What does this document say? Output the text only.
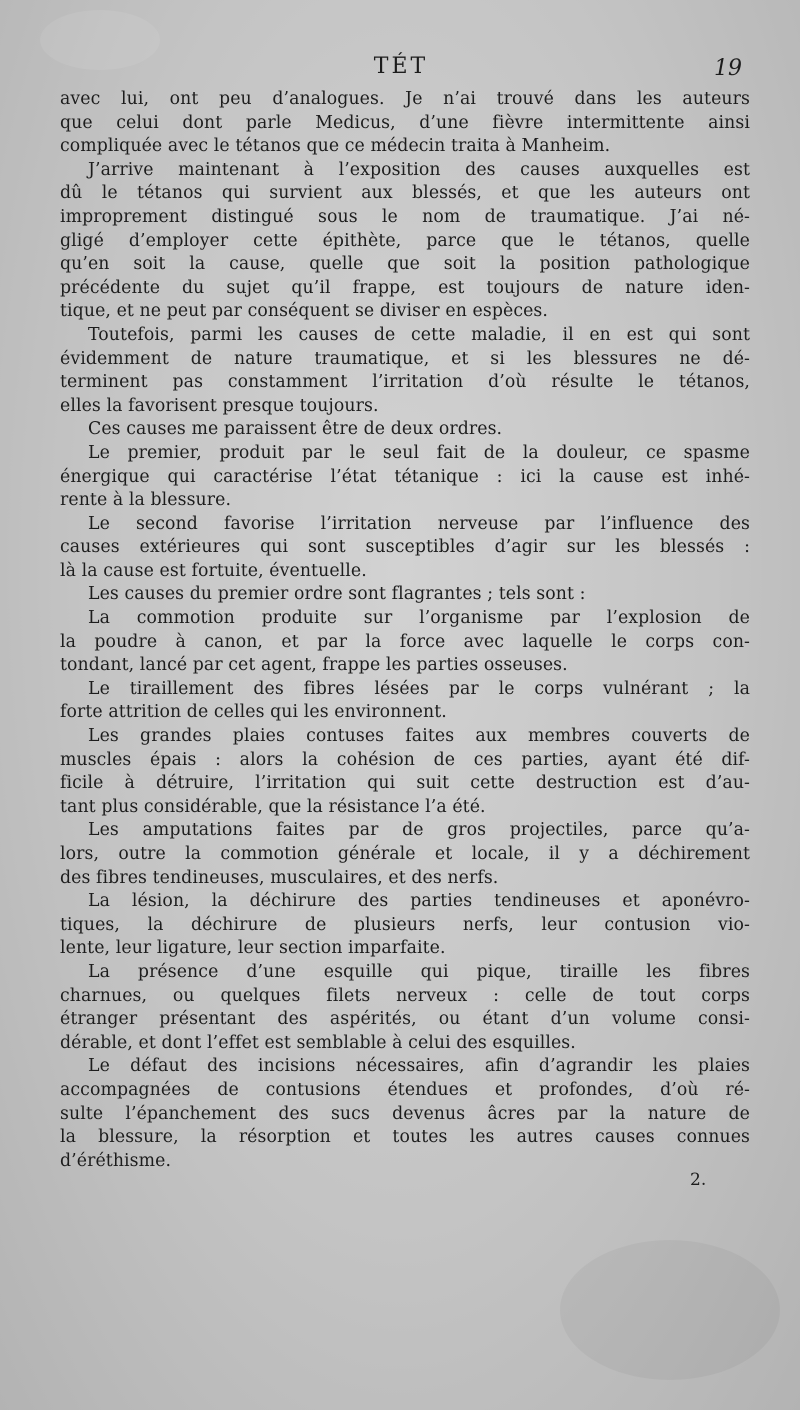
TÉT	19
avec lui, ont peu d’analogues. Je n’ai trouvé dans les auteurs
que celui dont parle Medicus, d’une fièvre intermittente ainsi
compliquée avec le tétanos que ce médecin traita à Manheim.
J’arrive maintenant à l’exposition des causes auxquelles est
dû le tétanos qui survient aux blessés, et que les auteurs ont
improprement distingué sous le nom de traumatique. J’ai né-
gligé d’employer cette épithète, parce que le tétanos, quelle
qu’en soit la cause, quelle que soit la position pathologique
précédente du sujet qu’il frappe, est toujours de nature iden-
tique, et ne peut par conséquent se diviser en espèces.
Toutefois, parmi les causes de cette maladie, il en est qui sont
évidemment de nature traumatique, et si les blessures ne dé-
terminent pas constamment l’irritation d’où résulte le tétanos,
elles la favorisent presque toujours.
Ces causes me paraissent être de deux ordres.
Le premier, produit par le seul fait de la douleur, ce spasme
énergique qui caractérise l’état tétanique : ici la cause est inhé-
rente à la blessure.
Le second favorise l’irritation nerveuse par l’influence des
causes extérieures qui sont susceptibles d’agir sur les blessés :
là la cause est fortuite, éventuelle.
Les causes du premier ordre sont flagrantes ; tels sont :
La commotion produite sur l’organisme par l’explosion de
la poudre à canon, et par la force avec laquelle le corps con-
tondant, lancé par cet agent, frappe les parties osseuses.
Le tiraillement des fibres lésées par le corps vulnérant ; la
forte attrition de celles qui les environnent.
Les grandes plaies contuses faites aux membres couverts de
muscles épais : alors la cohésion de ces parties, ayant été dif-
ficile à détruire, l’irritation qui suit cette destruction est d’au-
tant plus considérable, que la résistance l’a été.
Les amputations faites par de gros projectiles, parce qu’a-
lors, outre la commotion générale et locale, il y a déchirement
des fibres tendineuses, musculaires, et des nerfs.
La lésion, la déchirure des parties tendineuses et aponévro-
tiques, la déchirure de plusieurs nerfs, leur contusion vio-
lente, leur ligature, leur section imparfaite.
La présence d’une esquille qui pique, tiraille les fibres
charnues, ou quelques filets nerveux : celle de tout corps
étranger présentant des aspérités, ou étant d’un volume consi-
dérable, et dont l’effet est semblable à celui des esquilles.
Le défaut des incisions nécessaires, afin d’agrandir les plaies
accompagnées de contusions étendues et profondes, d’où ré-
sulte l’épanchement des sucs devenus âcres par la nature de
la blessure, la résorption et toutes les autres causes connues
d’éréthisme.
2.
